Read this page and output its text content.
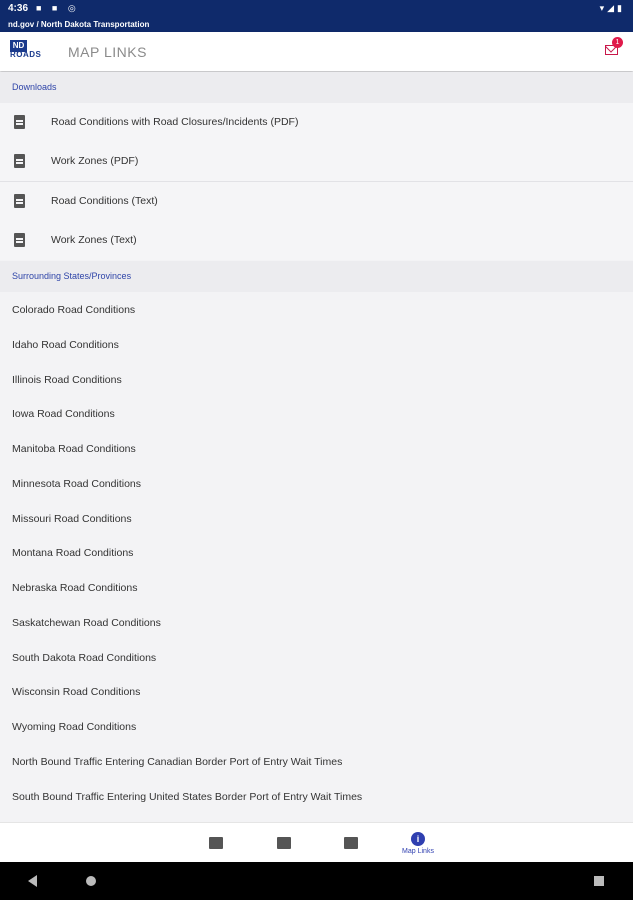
4:36 ■ ■ ◎	▾◢▮
nd.gov / North Dakota Transportation
ND
ROADS MAP LINKS
1
Downloads
Road Conditions with Road Closures/Incidents (PDF)
Work Zones (PDF)
Road Conditions (Text)
Work Zones (Text)
Surrounding States/Provinces
Colorado Road Conditions
Idaho Road Conditions
Illinois Road Conditions
Iowa Road Conditions
Manitoba Road Conditions
Minnesota Road Conditions
Missouri Road Conditions
Montana Road Conditions
Nebraska Road Conditions
Saskatchewan Road Conditions
South Dakota Road Conditions
Wisconsin Road Conditions
Wyoming Road Conditions
North Bound Traffic Entering Canadian Border Port of Entry Wait Times
South Bound Traffic Entering United States Border Port of Entry Wait Times
i
Map Links
